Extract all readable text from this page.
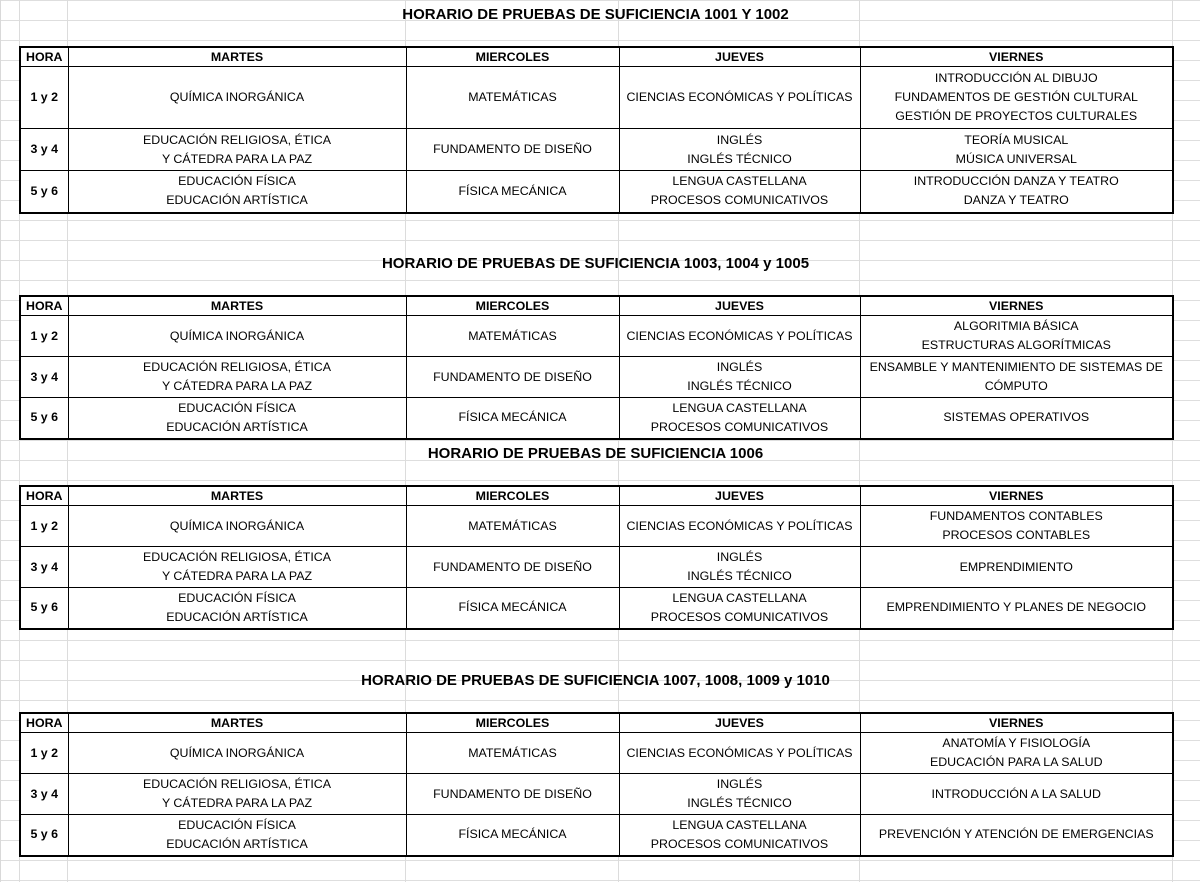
HORARIO DE PRUEBAS DE SUFICIENCIA 1001 Y 1002
HORA	MARTES	MIERCOLES	JUEVES	VIERNES
1 y 2	QUÍMICA INORGÁNICA	MATEMÁTICAS	CIENCIAS ECONÓMICAS Y POLÍTICAS	INTRODUCCIÓN AL DIBUJO
FUNDAMENTOS DE GESTIÓN CULTURAL
GESTIÓN DE PROYECTOS CULTURALES
3 y 4	EDUCACIÓN RELIGIOSA, ÉTICA
Y CÁTEDRA PARA LA PAZ	FUNDAMENTO DE DISEÑO	INGLÉS
INGLÉS TÉCNICO	TEORÍA MUSICAL
MÚSICA UNIVERSAL
5 y 6	EDUCACIÓN FÍSICA
EDUCACIÓN ARTÍSTICA	FÍSICA MECÁNICA	LENGUA CASTELLANA
PROCESOS COMUNICATIVOS	INTRODUCCIÓN DANZA Y TEATRO
DANZA Y TEATRO
HORARIO DE PRUEBAS DE SUFICIENCIA 1003, 1004 y 1005
HORA	MARTES	MIERCOLES	JUEVES	VIERNES
1 y 2	QUÍMICA INORGÁNICA	MATEMÁTICAS	CIENCIAS ECONÓMICAS Y POLÍTICAS	ALGORITMIA BÁSICA
ESTRUCTURAS ALGORÍTMICAS
3 y 4	EDUCACIÓN RELIGIOSA, ÉTICA
Y CÁTEDRA PARA LA PAZ	FUNDAMENTO DE DISEÑO	INGLÉS
INGLÉS TÉCNICO	ENSAMBLE Y MANTENIMIENTO DE SISTEMAS DE
CÓMPUTO
5 y 6	EDUCACIÓN FÍSICA
EDUCACIÓN ARTÍSTICA	FÍSICA MECÁNICA	LENGUA CASTELLANA
PROCESOS COMUNICATIVOS	SISTEMAS OPERATIVOS
HORARIO DE PRUEBAS DE SUFICIENCIA 1006
HORA	MARTES	MIERCOLES	JUEVES	VIERNES
1 y 2	QUÍMICA INORGÁNICA	MATEMÁTICAS	CIENCIAS ECONÓMICAS Y POLÍTICAS	FUNDAMENTOS CONTABLES
PROCESOS CONTABLES
3 y 4	EDUCACIÓN RELIGIOSA, ÉTICA
Y CÁTEDRA PARA LA PAZ	FUNDAMENTO DE DISEÑO	INGLÉS
INGLÉS TÉCNICO	EMPRENDIMIENTO
5 y 6	EDUCACIÓN FÍSICA
EDUCACIÓN ARTÍSTICA	FÍSICA MECÁNICA	LENGUA CASTELLANA
PROCESOS COMUNICATIVOS	EMPRENDIMIENTO Y PLANES DE NEGOCIO
HORARIO DE PRUEBAS DE SUFICIENCIA 1007, 1008, 1009 y 1010
HORA	MARTES	MIERCOLES	JUEVES	VIERNES
1 y 2	QUÍMICA INORGÁNICA	MATEMÁTICAS	CIENCIAS ECONÓMICAS Y POLÍTICAS	ANATOMÍA Y FISIOLOGÍA
EDUCACIÓN PARA LA SALUD
3 y 4	EDUCACIÓN RELIGIOSA, ÉTICA
Y CÁTEDRA PARA LA PAZ	FUNDAMENTO DE DISEÑO	INGLÉS
INGLÉS TÉCNICO	INTRODUCCIÓN A LA SALUD
5 y 6	EDUCACIÓN FÍSICA
EDUCACIÓN ARTÍSTICA	FÍSICA MECÁNICA	LENGUA CASTELLANA
PROCESOS COMUNICATIVOS	PREVENCIÓN Y ATENCIÓN DE EMERGENCIAS
